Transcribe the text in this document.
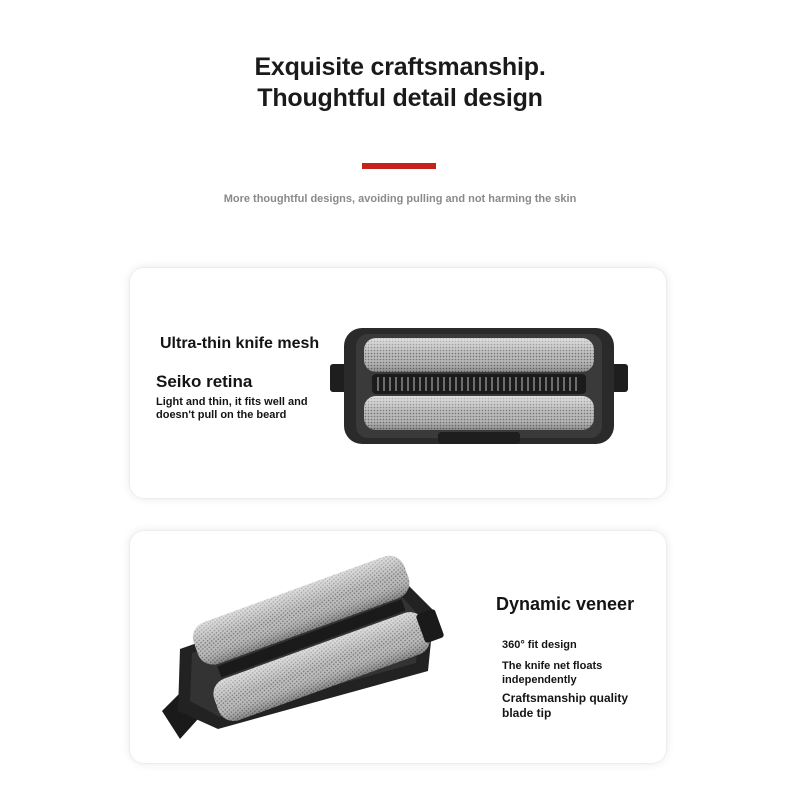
Exquisite craftsmanship.
Thoughtful detail design
More thoughtful designs, avoiding pulling and not harming the skin
Ultra-thin knife mesh
Seiko retina
Light and thin, it fits well and
doesn't pull on the beard
Dynamic veneer
360° fit design
The knife net floats
independently
Craftsmanship quality
blade tip
